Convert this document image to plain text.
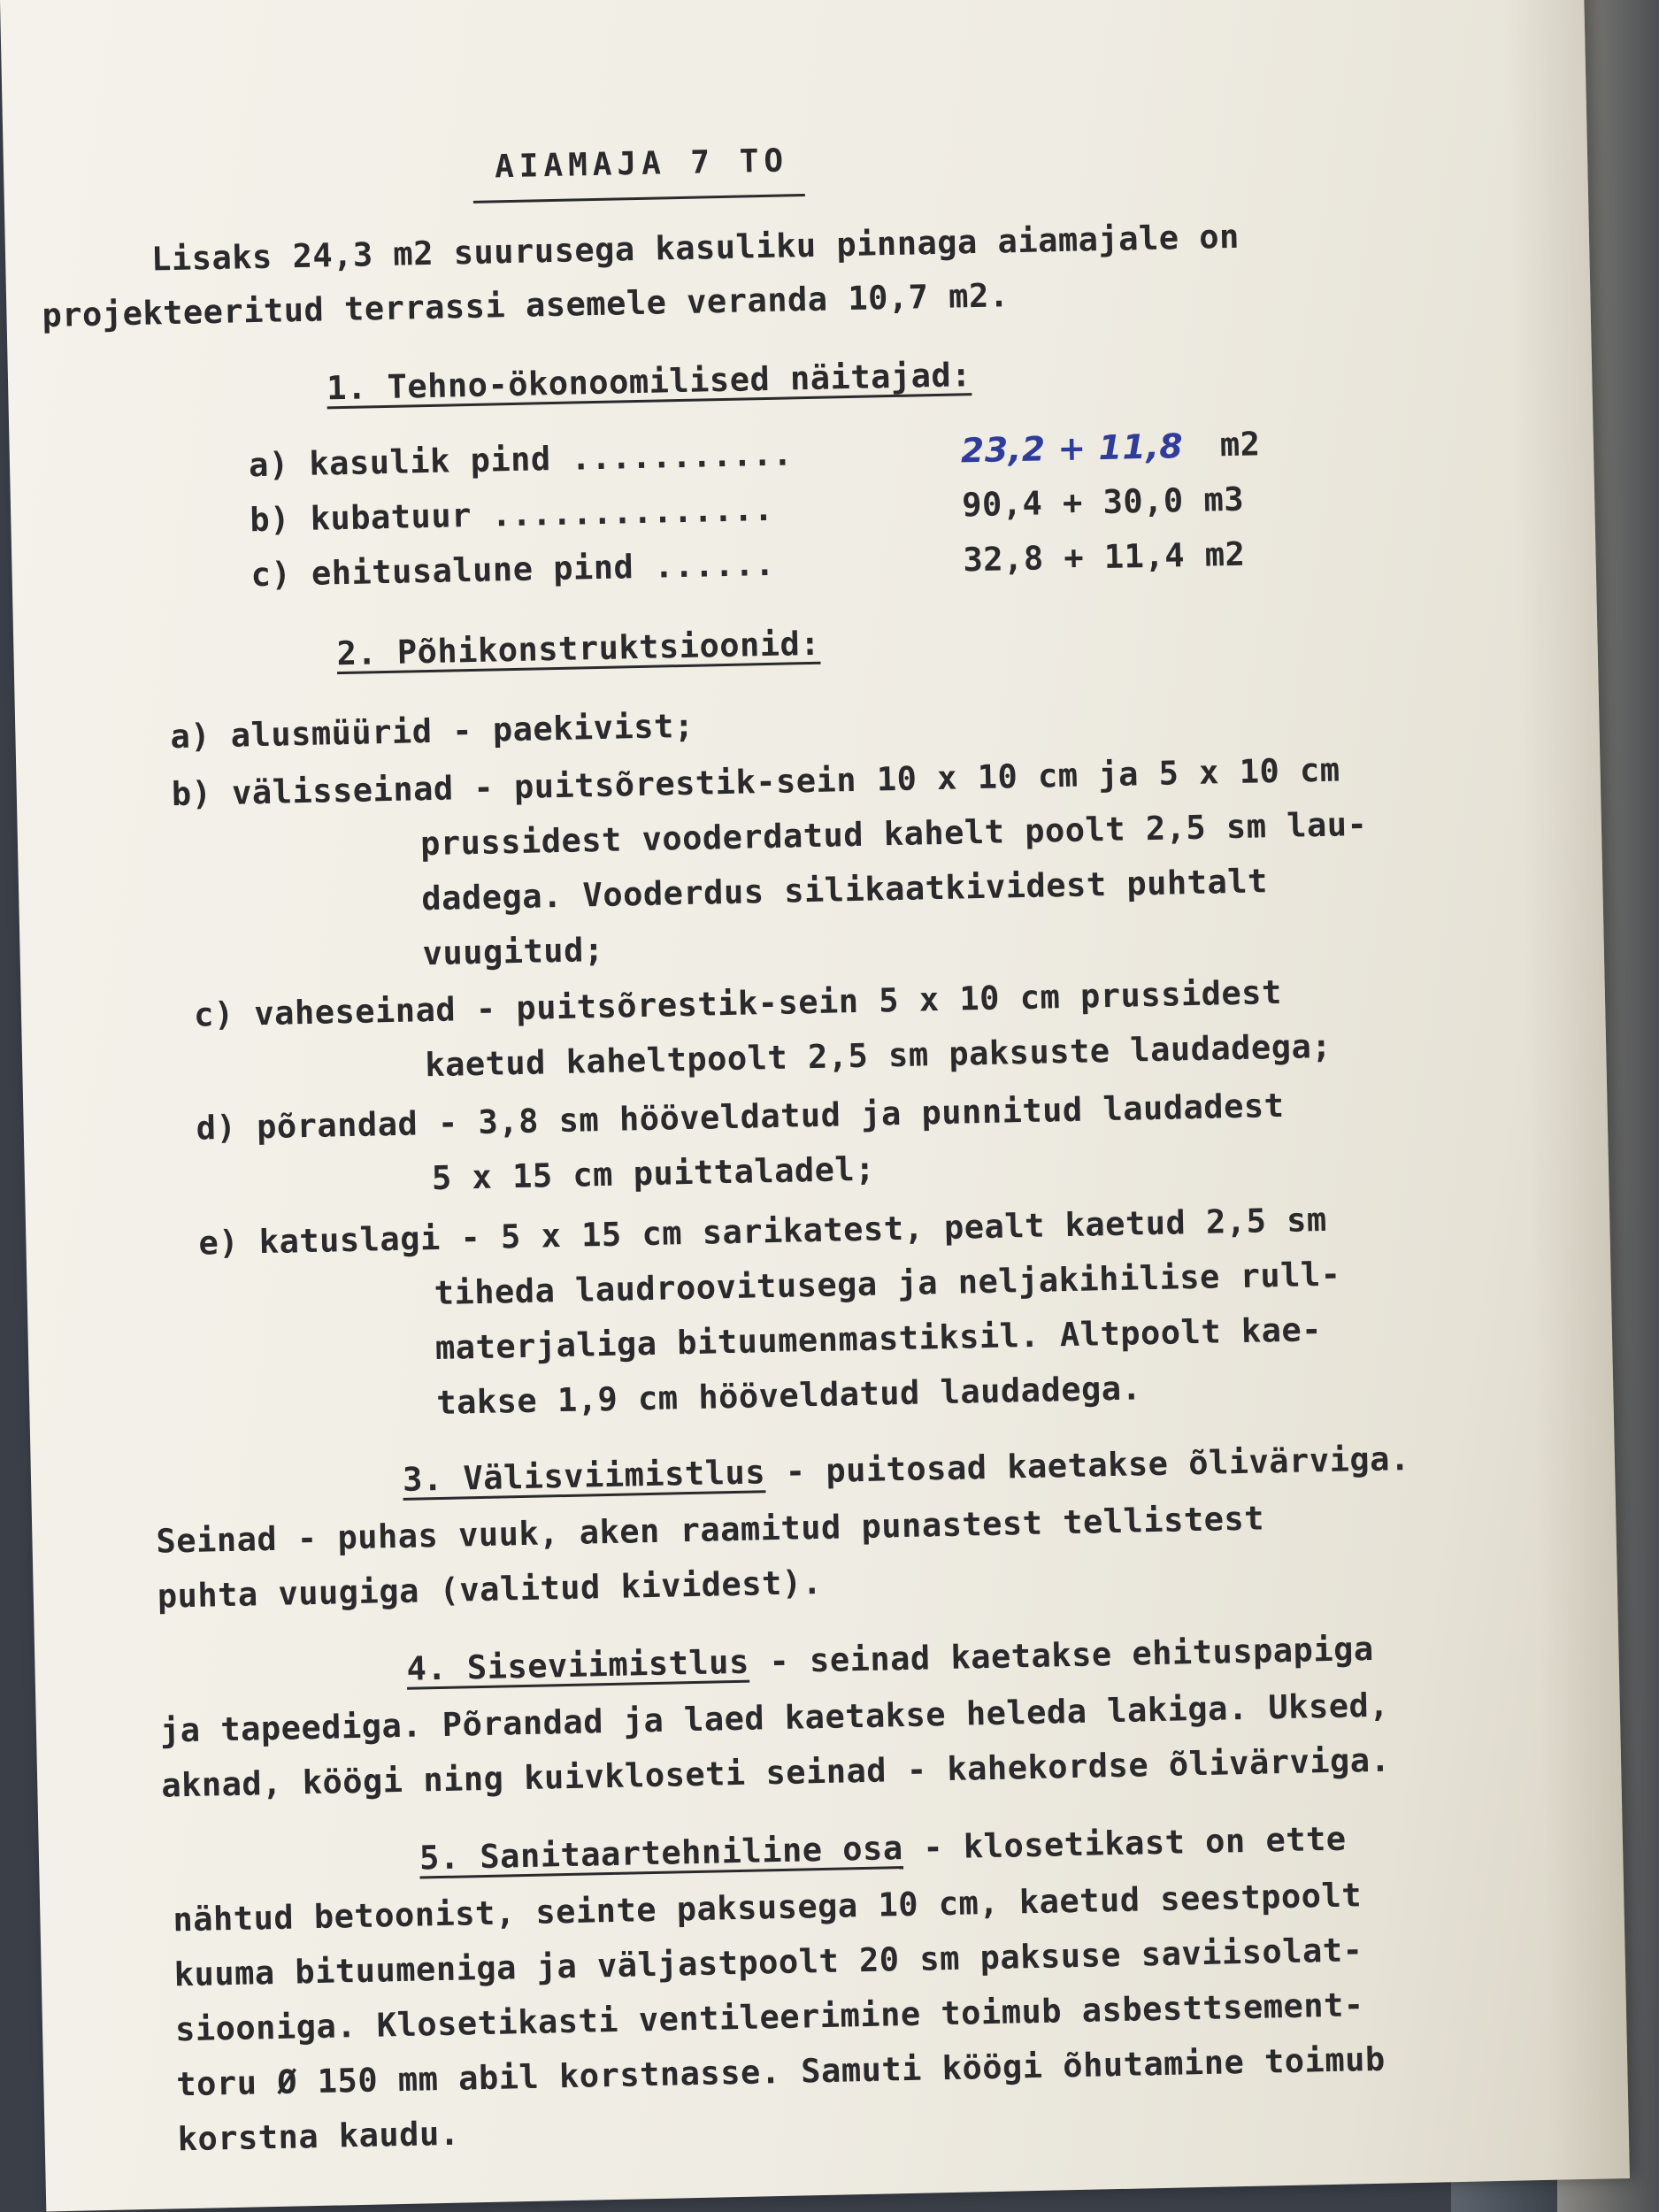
AIAMAJA 7 TO
Lisaks 24,3 m2 suurusega kasuliku pinnaga aiamajale on
projekteeritud terrassi asemele veranda 10,7 m2.
1. Tehno-ökonoomilised näitajad:
a) kasulik pind ...........	23,2 + 11,8 m2
b) kubatuur ..............	90,4 + 30,0 m3
c) ehitusalune pind ......	32,8 + 11,4 m2
2. Põhikonstruktsioonid:
a) alusmüürid - paekivist;
b) välisseinad - puitsõrestik-sein 10 x 10 cm ja 5 x 10 cm
prussidest vooderdatud kahelt poolt 2,5 sm lau-
dadega. Vooderdus silikaatkividest puhtalt
vuugitud;
c) vaheseinad - puitsõrestik-sein 5 x 10 cm prussidest
kaetud kaheltpoolt 2,5 sm paksuste laudadega;
d) põrandad - 3,8 sm hööveldatud ja punnitud laudadest
5 x 15 cm puittaladel;
e) katuslagi - 5 x 15 cm sarikatest, pealt kaetud 2,5 sm
tiheda laudroovitusega ja neljakihilise rull-
materjaliga bituumenmastiksil. Altpoolt kae-
takse 1,9 cm hööveldatud laudadega.
3. Välisviimistlus - puitosad kaetakse õlivärviga.
Seinad - puhas vuuk, aken raamitud punastest tellistest
puhta vuugiga (valitud kividest).
4. Siseviimistlus - seinad kaetakse ehituspapiga
ja tapeediga. Põrandad ja laed kaetakse heleda lakiga. Uksed,
aknad, köögi ning kuivkloseti seinad - kahekordse õlivärviga.
5. Sanitaartehniline osa - klosetikast on ette
nähtud betoonist, seinte paksusega 10 cm, kaetud seestpoolt
kuuma bituumeniga ja väljastpoolt 20 sm paksuse saviisolat-
siooniga. Klosetikasti ventileerimine toimub asbesttsement-
toru Ø 150 mm abil korstnasse. Samuti köögi õhutamine toimub
korstna kaudu.
